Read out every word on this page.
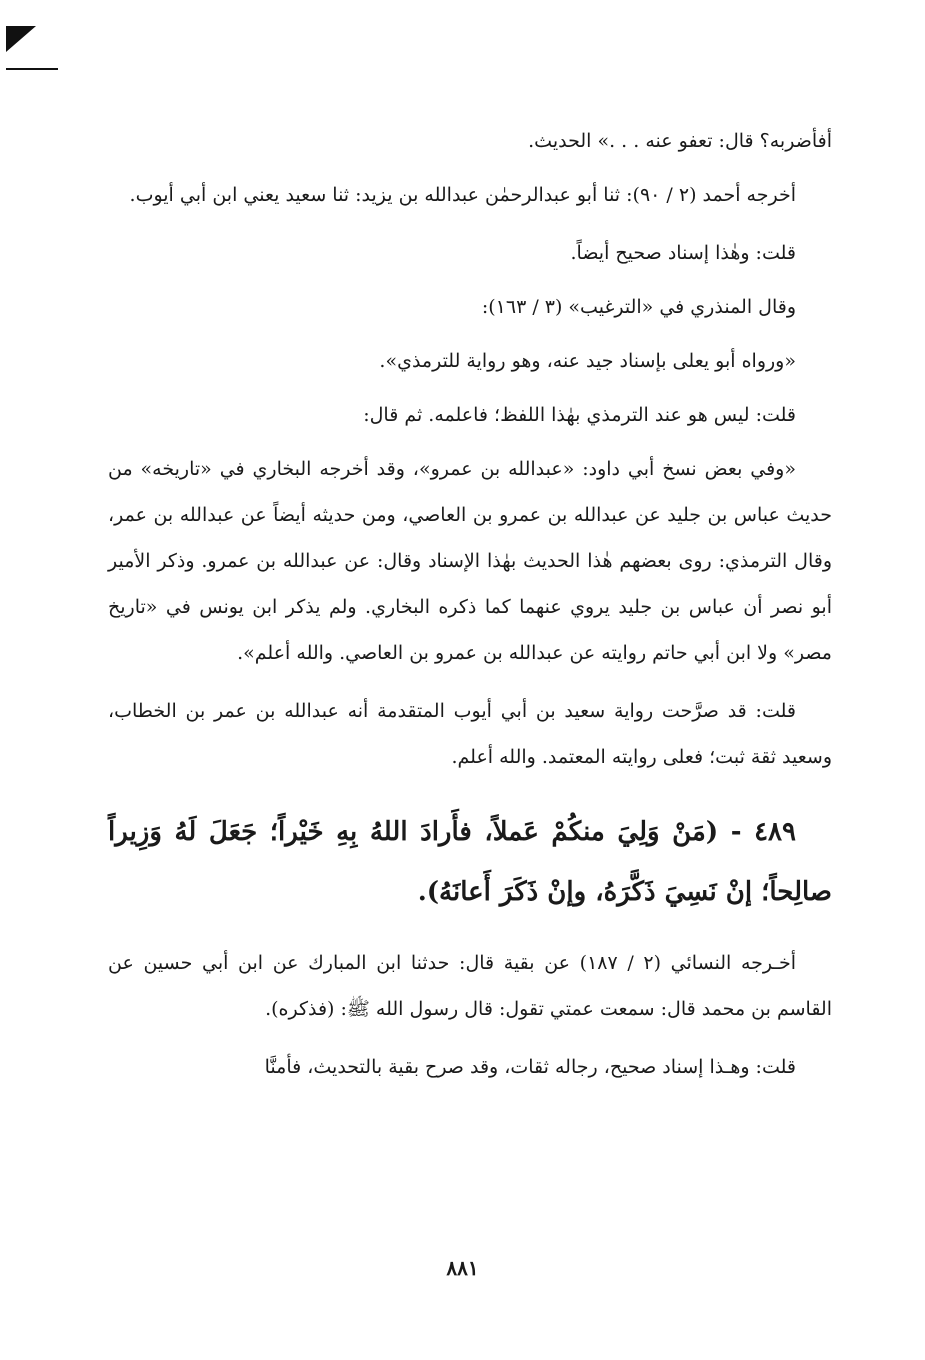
أفأضربه؟ قال: تعفو عنه . . .» الحديث.

أخرجه أحمد (٢ / ٩٠): ثنا أبو عبدالرحمٰن عبدالله بن يزيد: ثنا سعيد يعني ابن أبي أيوب.

قلت: وهٰذا إسناد صحيح أيضاً.

وقال المنذري في «الترغيب» (٣ / ١٦٣):

«ورواه أبو يعلى بإسناد جيد عنه، وهو رواية للترمذي».

قلت: ليس هو عند الترمذي بهٰذا اللفظ؛ فاعلمه. ثم قال:

«وفي بعض نسخ أبي داود: «عبدالله بن عمرو»، وقد أخرجه البخاري في «تاريخه» من حديث عباس بن جليد عن عبدالله بن عمرو بن العاصي، ومن حديثه أيضاً عن عبدالله بن عمر، وقال الترمذي: روى بعضهم هٰذا الحديث بهٰذا الإسناد وقال: عن عبدالله بن عمرو. وذكر الأمير أبو نصر أن عباس بن جليد يروي عنهما كما ذكره البخاري. ولم يذكر ابن يونس في «تاريخ مصر» ولا ابن أبي حاتم روايته عن عبدالله بن عمرو بن العاصي. والله أعلم».

قلت: قد صرَّحت رواية سعيد بن أبي أيوب المتقدمة أنه عبدالله بن عمر بن الخطاب، وسعيد ثقة ثبت؛ فعلى روايته المعتمد. والله أعلم.

٤٨٩ - (مَنْ وَلِيَ منكُمْ عَملاً، فأَرادَ اللهُ بِهِ خَيْراً؛ جَعَلَ لَهُ وَزِيراً صالِحاً؛ إنْ نَسِيَ ذَكَّرَهُ، وإنْ ذَكَرَ أَعانَهُ).

أخـرجه النسائي (٢ / ١٨٧) عن بقية قال: حدثنا ابن المبارك عن ابن أبي حسين عن القاسم بن محمد قال: سمعت عمتي تقول: قال رسول الله ﷺ: (فذكره).

قلت: وهـذا إسناد صحيح، رجاله ثقات، وقد صرح بقية بالتحديث، فأمنَّا

٨٨١
